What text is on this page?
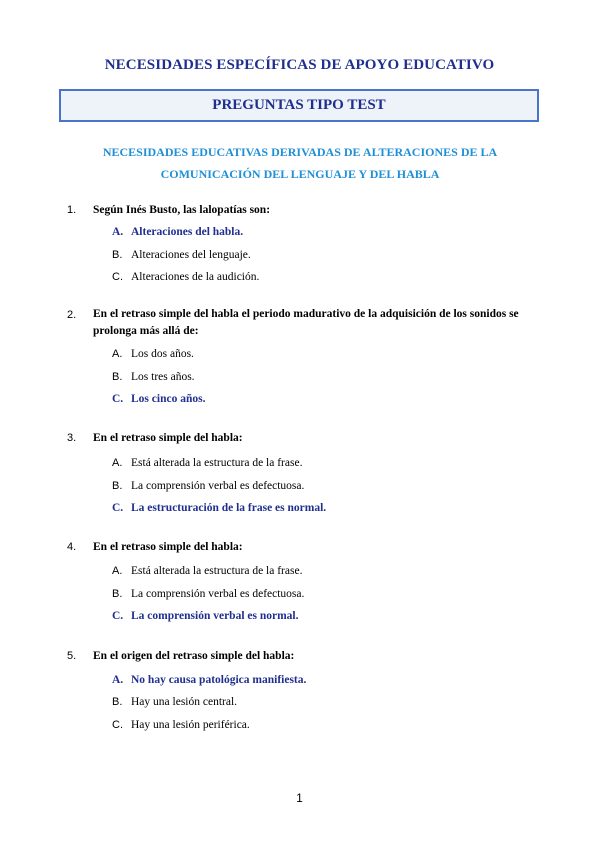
NECESIDADES ESPECÍFICAS DE APOYO EDUCATIVO
PREGUNTAS TIPO TEST
NECESIDADES EDUCATIVAS DERIVADAS DE ALTERACIONES DE LA
COMUNICACIÓN DEL LENGUAJE Y DEL HABLA
1. Según Inés Busto, las lalopatías son:
A. Alteraciones del habla.
B. Alteraciones del lenguaje.
C. Alteraciones de la audición.
2. En el retraso simple del habla el periodo madurativo de la adquisición de los sonidos se prolonga más allá de:
A. Los dos años.
B. Los tres años.
C. Los cinco años.
3. En el retraso simple del habla:
A. Está alterada la estructura de la frase.
B. La comprensión verbal es defectuosa.
C. La estructuración de la frase es normal.
4. En el retraso simple del habla:
A. Está alterada la estructura de la frase.
B. La comprensión verbal es defectuosa.
C. La comprensión verbal es normal.
5. En el origen del retraso simple del habla:
A. No hay causa patológica manifiesta.
B. Hay una lesión central.
C. Hay una lesión periférica.
1
